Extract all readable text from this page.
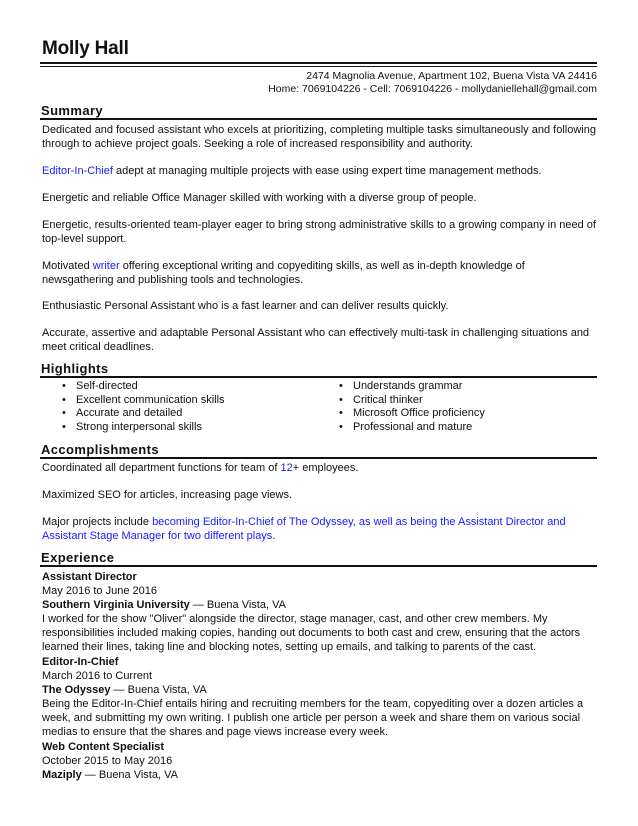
Molly Hall
2474 Magnolia Avenue, Apartment 102, Buena Vista VA 24416
Home: 7069104226 - Cell: 7069104226 - mollydaniellehall@gmail.com
Summary
Dedicated and focused assistant who excels at prioritizing, completing multiple tasks simultaneously and following through to achieve project goals. Seeking a role of increased responsibility and authority.
Editor-In-Chief adept at managing multiple projects with ease using expert time management methods.
Energetic and reliable Office Manager skilled with working with a diverse group of people.
Energetic, results-oriented team-player eager to bring strong administrative skills to a growing company in need of top-level support.
Motivated writer offering exceptional writing and copyediting skills, as well as in-depth knowledge of newsgathering and publishing tools and technologies.
Enthusiastic Personal Assistant who is a fast learner and can deliver results quickly.
Accurate, assertive and adaptable Personal Assistant who can effectively multi-task in challenging situations and meet critical deadlines.
Highlights
• Self-directed
• Excellent communication skills
• Accurate and detailed
• Strong interpersonal skills
• Understands grammar
• Critical thinker
• Microsoft Office proficiency
• Professional and mature
Accomplishments
Coordinated all department functions for team of 12+ employees.
Maximized SEO for articles, increasing page views.
Major projects include becoming Editor-In-Chief of The Odyssey, as well as being the Assistant Director and Assistant Stage Manager for two different plays.
Experience
Assistant Director
May 2016 to June 2016
Southern Virginia University — Buena Vista, VA
I worked for the show "Oliver" alongside the director, stage manager, cast, and other crew members. My responsibilities included making copies, handing out documents to both cast and crew, ensuring that the actors learned their lines, taking line and blocking notes, setting up emails, and talking to parents of the cast.
Editor-In-Chief
March 2016 to Current
The Odyssey — Buena Vista, VA
Being the Editor-In-Chief entails hiring and recruiting members for the team, copyediting over a dozen articles a week, and submitting my own writing. I publish one article per person a week and share them on various social medias to ensure that the shares and page views increase every week.
Web Content Specialist
October 2015 to May 2016
Maziply — Buena Vista, VA
